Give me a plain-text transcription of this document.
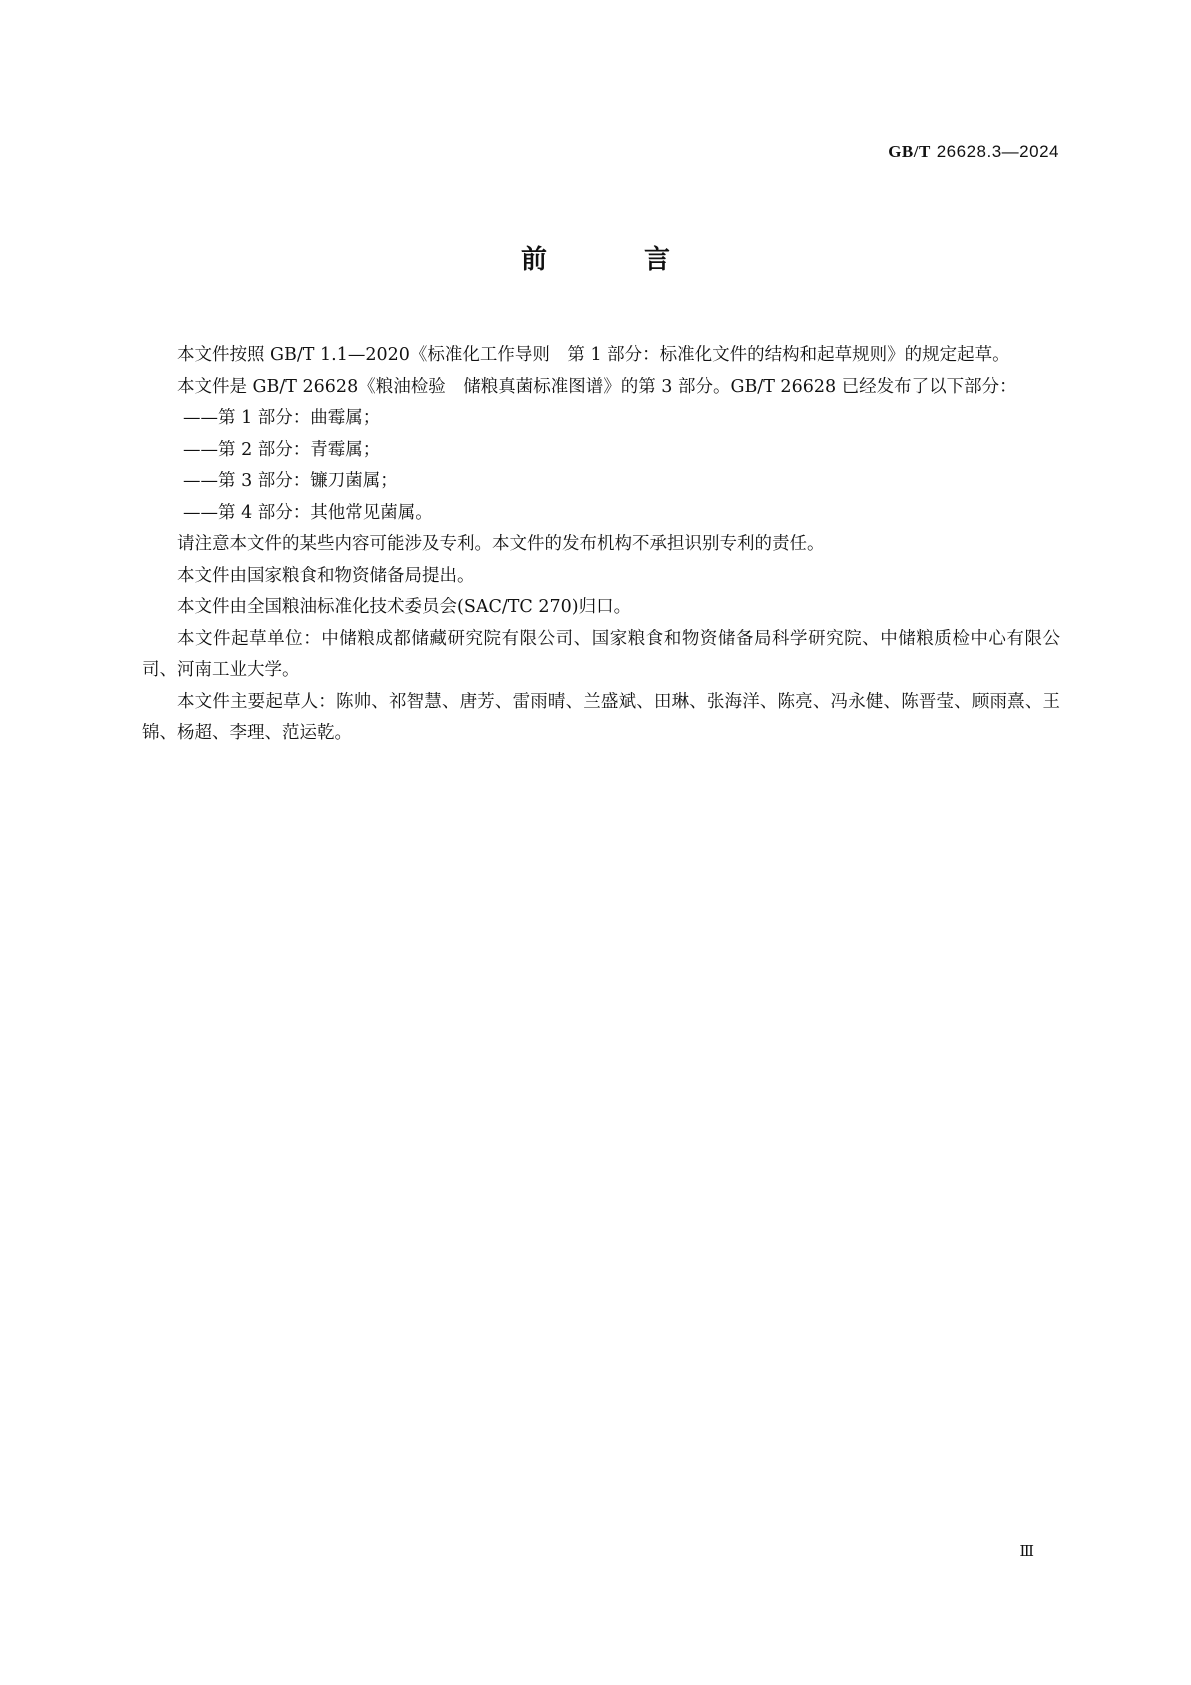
GB/T 26628.3—2024
前 言

本文件按照 GB/T 1.1—2020《标准化工作导则　第 1 部分：标准化文件的结构和起草规则》的规定起草。

本文件是 GB/T 26628《粮油检验　储粮真菌标准图谱》的第 3 部分。GB/T 26628 已经发布了以下部分：

——第 1 部分：曲霉属；

——第 2 部分：青霉属；

——第 3 部分：镰刀菌属；

——第 4 部分：其他常见菌属。

请注意本文件的某些内容可能涉及专利。本文件的发布机构不承担识别专利的责任。

本文件由国家粮食和物资储备局提出。

本文件由全国粮油标准化技术委员会(SAC/TC 270)归口。

本文件起草单位：中储粮成都储藏研究院有限公司、国家粮食和物资储备局科学研究院、中储粮质检中心有限公司、河南工业大学。

本文件主要起草人：陈帅、祁智慧、唐芳、雷雨晴、兰盛斌、田琳、张海洋、陈亮、冯永健、陈晋莹、顾雨熹、王锦、杨超、李理、范运乾。

Ⅲ
